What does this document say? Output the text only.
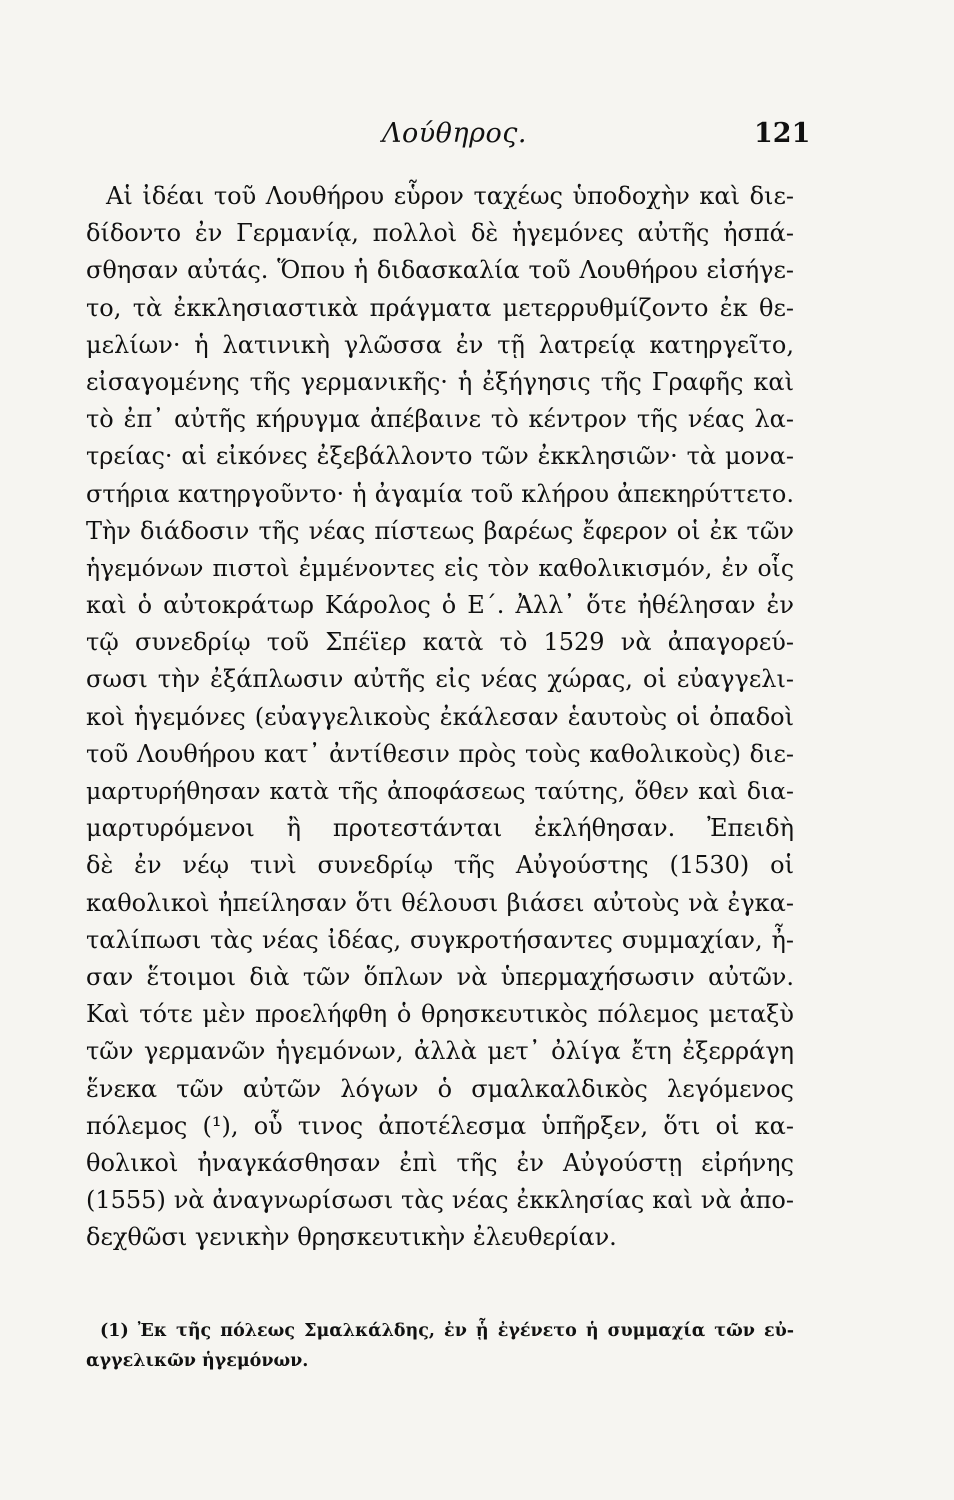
Λούθηρος.	121
Αἱ ἰδέαι τοῦ Λουθήρου εὗρον ταχέως ὑποδοχὴν καὶ διε-
δίδοντο ἐν Γερμανίᾳ, πολλοὶ δὲ ἡγεμόνες αὐτῆς ἠσπά-
σθησαν αὐτάς. Ὅπου ἡ διδασκαλία τοῦ Λουθήρου εἰσήγε-
το, τὰ ἐκκλησιαστικὰ πράγματα μετερρυθμίζοντο ἐκ θε-
μελίων· ἡ λατινικὴ γλῶσσα ἐν τῇ λατρείᾳ κατηργεῖτο,
εἰσαγομένης τῆς γερμανικῆς· ἡ ἐξήγησις τῆς Γραφῆς καὶ
τὸ ἐπ᾽ αὐτῆς κήρυγμα ἀπέβαινε τὸ κέντρον τῆς νέας λα-
τρείας· αἱ εἰκόνες ἐξεβάλλοντο τῶν ἐκκλησιῶν· τὰ μονα-
στήρια κατηργοῦντο· ἡ ἀγαμία τοῦ κλήρου ἀπεκηρύττετο.
Τὴν διάδοσιν τῆς νέας πίστεως βαρέως ἔφερον οἱ ἐκ τῶν
ἡγεμόνων πιστοὶ ἐμμένοντες εἰς τὸν καθολικισμόν, ἐν οἷς
καὶ ὁ αὐτοκράτωρ Κάρολος ὁ Ε΄. Ἀλλ᾽ ὅτε ἠθέλησαν ἐν
τῷ συνεδρίῳ τοῦ Σπέϊερ κατὰ τὸ 1529 νὰ ἀπαγορεύ-
σωσι τὴν ἐξάπλωσιν αὐτῆς εἰς νέας χώρας, οἱ εὐαγγελι-
κοὶ ἡγεμόνες (εὐαγγελικοὺς ἐκάλεσαν ἑαυτοὺς οἱ ὀπαδοὶ
τοῦ Λουθήρου κατ᾽ ἀντίθεσιν πρὸς τοὺς καθολικοὺς) διε-
μαρτυρήθησαν κατὰ τῆς ἀποφάσεως ταύτης, ὅθεν καὶ δια-
μαρτυρόμενοι ἢ προτεστάνται ἐκλήθησαν. Ἐπειδὴ
δὲ ἐν νέῳ τινὶ συνεδρίῳ τῆς Αὐγούστης (1530) οἱ
καθολικοὶ ἠπείλησαν ὅτι θέλουσι βιάσει αὐτοὺς νὰ ἐγκα-
ταλίπωσι τὰς νέας ἰδέας, συγκροτήσαντες συμμαχίαν, ἦ-
σαν ἕτοιμοι διὰ τῶν ὅπλων νὰ ὑπερμαχήσωσιν αὐτῶν.
Καὶ τότε μὲν προελήφθη ὁ θρησκευτικὸς πόλεμος μεταξὺ
τῶν γερμανῶν ἡγεμόνων, ἀλλὰ μετ᾽ ὀλίγα ἔτη ἐξερράγη
ἕνεκα τῶν αὐτῶν λόγων ὁ σμαλκαλδικὸς λεγόμενος
πόλεμος (¹), οὗ τινος ἀποτέλεσμα ὑπῆρξεν, ὅτι οἱ κα-
θολικοὶ ἠναγκάσθησαν ἐπὶ τῆς ἐν Αὐγούστῃ εἰρήνης
(1555) νὰ ἀναγνωρίσωσι τὰς νέας ἐκκλησίας καὶ νὰ ἀπο-
δεχθῶσι γενικὴν θρησκευτικὴν ἐλευθερίαν.
(1) Ἐκ τῆς πόλεως Σμαλκάλδης, ἐν ᾗ ἐγένετο ἡ συμμαχία τῶν εὐ-
αγγελικῶν ἡγεμόνων.
